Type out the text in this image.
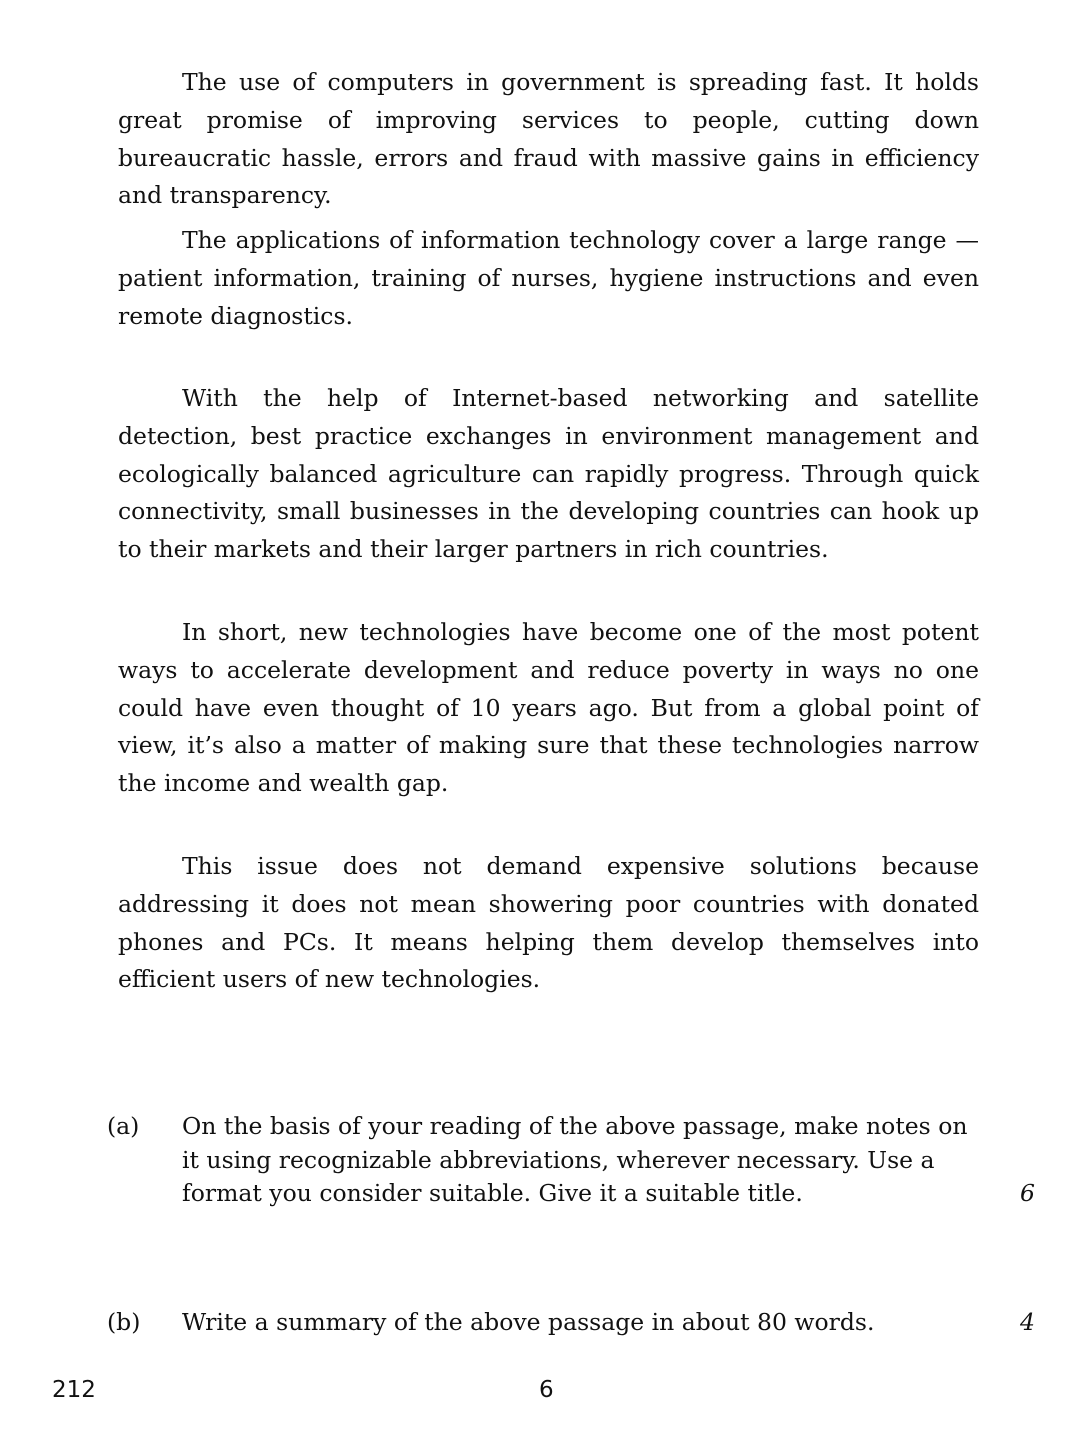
The use of computers in government is spreading fast. It holds great promise of improving services to people, cutting down bureaucratic hassle, errors and fraud with massive gains in efficiency and transparency.

The applications of information technology cover a large range — patient information, training of nurses, hygiene instructions and even remote diagnostics.

With the help of Internet-based networking and satellite detection, best practice exchanges in environment management and ecologically balanced agriculture can rapidly progress. Through quick connectivity, small businesses in the developing countries can hook up to their markets and their larger partners in rich countries.

In short, new technologies have become one of the most potent ways to accelerate development and reduce poverty in ways no one could have even thought of 10 years ago. But from a global point of view, it’s also a matter of making sure that these technologies narrow the income and wealth gap.

This issue does not demand expensive solutions because addressing it does not mean showering poor countries with donated phones and PCs. It means helping them develop themselves into efficient users of new technologies.

(a) On the basis of your reading of the above passage, make notes on it using recognizable abbreviations, wherever necessary. Use a format you consider suitable. Give it a suitable title.	6
(b) Write a summary of the above passage in about 80 words.	4
212	6
